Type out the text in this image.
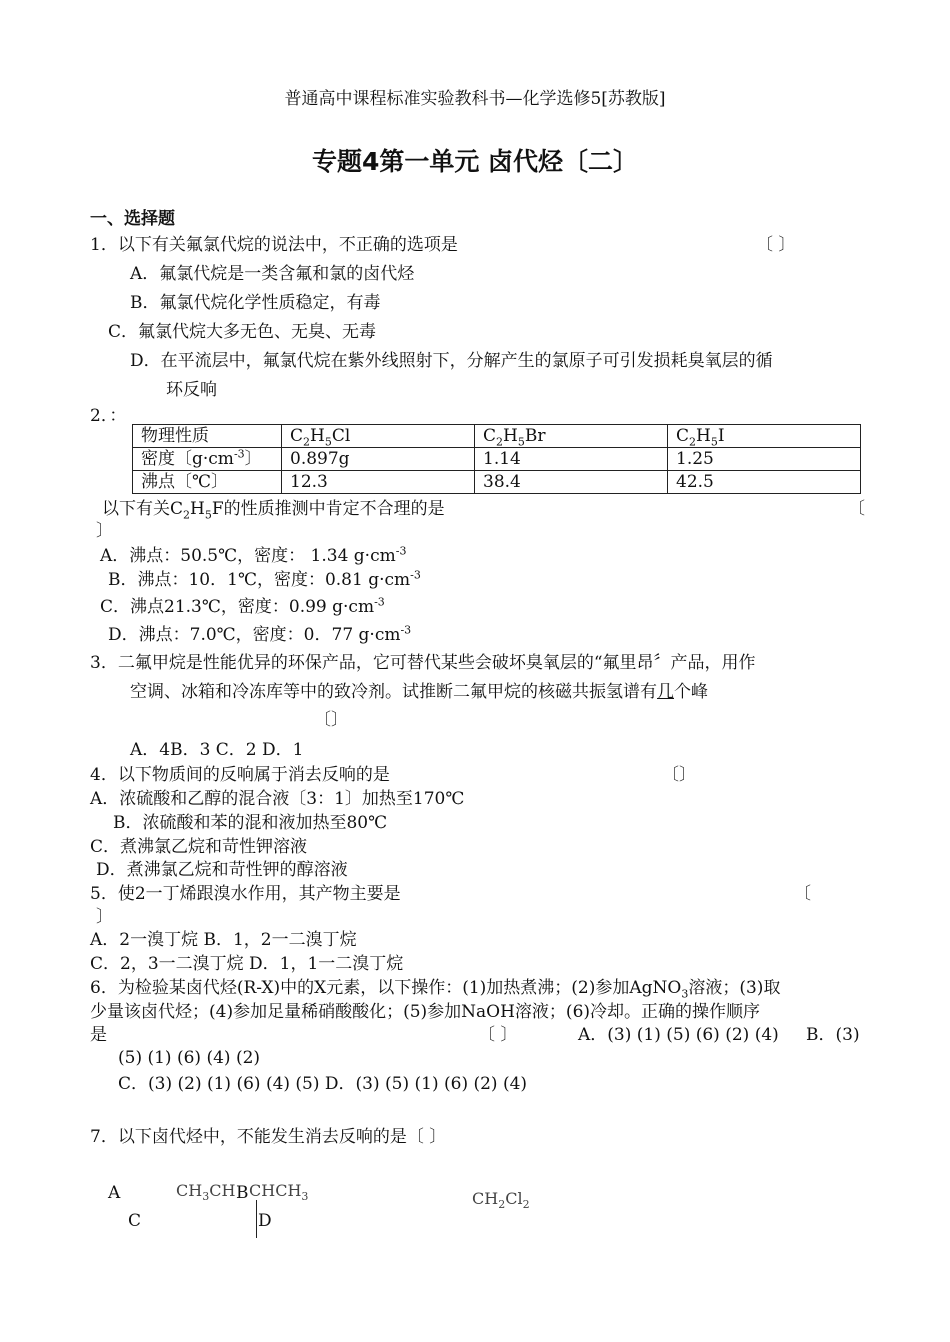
普通高中课程标准实验教科书—化学选修5[苏教版]
专题4第一单元 卤代烃〔二〕
一、选择题
1．以下有关氟氯代烷的说法中，不正确的选项是	〔 〕
A．氟氯代烷是一类含氟和氯的卤代烃
B．氟氯代烷化学性质稳定，有毒
C．氟氯代烷大多无色、无臭、无毒
D．在平流层中，氟氯代烷在紫外线照射下，分解产生的氯原子可引发损耗臭氧层的循
环反响
2．：
物理性质	$C_2H_5Cl$	$C_2H_5Br$	$C_2H_5I$
密度〔$g\cdot cm^{-3}$〕	0.897g	1.14	1.25
沸点〔℃〕	12.3	38.4	42.5
以下有关$C_2H_5F$的性质推测中肯定不合理的是	〔
〕
A．沸点：50.5℃，密度： 1.34 $g\cdot cm^{-3}$
B．沸点：10．1℃，密度：0.81 $g\cdot cm^{-3}$
C．沸点21.3℃，密度：0.99 $g\cdot cm^{-3}$
D．沸点：7.0℃，密度：0．77 $g\cdot cm^{-3}$
3．二氟甲烷是性能优异的环保产品，它可替代某些会破坏臭氧层的“氟里昂〞产品，用作
空调、冰箱和冷冻库等中的致冷剂。试推断二氟甲烷的核磁共振氢谱有几个峰
〔〕
A．4B．3 C．2 D．1
4．以下物质间的反响属于消去反响的是	〔〕
A．浓硫酸和乙醇的混合液〔3：1〕加热至170℃
B．浓硫酸和苯的混和液加热至80℃
C．煮沸氯乙烷和苛性钾溶液
D．煮沸氯乙烷和苛性钾的醇溶液
5．使2一丁烯跟溴水作用，其产物主要是	〔
〕
A．2一溴丁烷 B．1，2一二溴丁烷
C．2，3一二溴丁烷 D．1，1一二溴丁烷
6．为检验某卤代烃(R-X)中的X元素，以下操作：(1)加热煮沸；(2)参加AgNO$_3$溶液；(3)取
少量该卤代烃；(4)参加足量稀硝酸酸化；(5)参加NaOH溶液；(6)冷却。正确的操作顺序
是	〔 〕	A．(3) (1) (5) (6) (2) (4) B．(3)
(5) (1) (6) (4) (2)
C．(3) (2) (1) (6) (4) (5) D．(3) (5) (1) (6) (2) (4)
7．以下卤代烃中，不能发生消去反响的是〔 〕
A	$CH_3CH$ B $CHCH_3$	$CH_2Cl_2$
C	D
